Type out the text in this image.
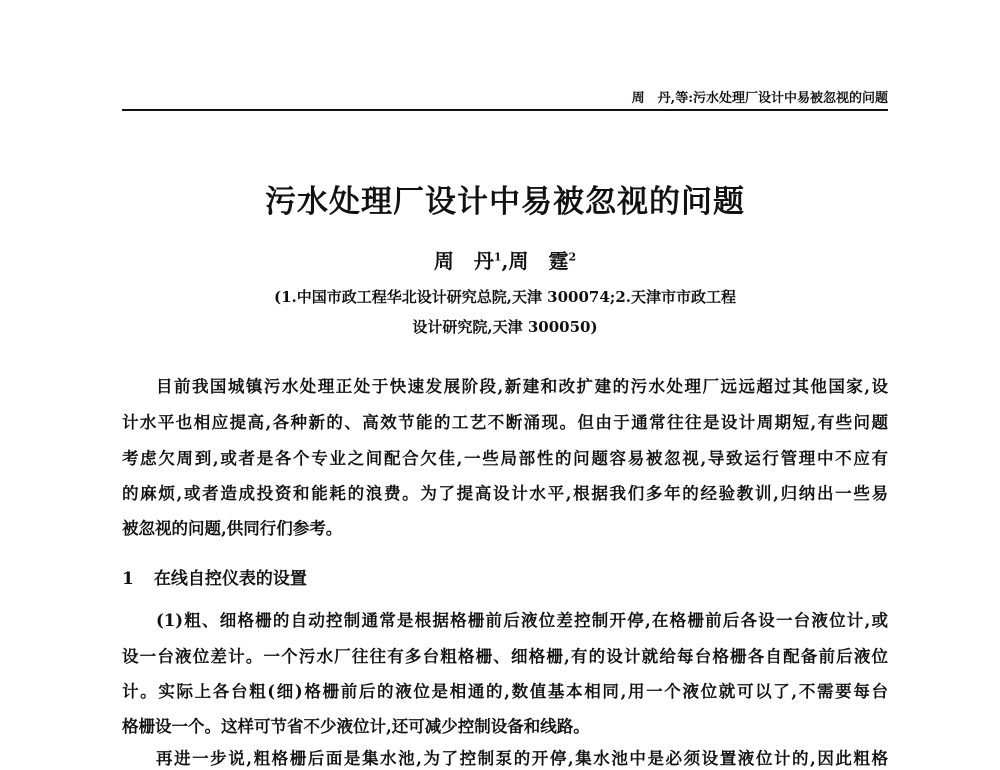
周　丹,等:污水处理厂设计中易被忽视的问题
污水处理厂设计中易被忽视的问题
周　丹$^1$,周　霆$^2$
(1.中国市政工程华北设计研究总院,天津 300074;2.天津市市政工程
设计研究院,天津 300050)
目前我国城镇污水处理正处于快速发展阶段,新建和改扩建的污水处理厂远远超过其他国家,设
计水平也相应提高,各种新的、高效节能的工艺不断涌现。但由于通常往往是设计周期短,有些问题
考虑欠周到,或者是各个专业之间配合欠佳,一些局部性的问题容易被忽视,导致运行管理中不应有
的麻烦,或者造成投资和能耗的浪费。为了提高设计水平,根据我们多年的经验教训,归纳出一些易
被忽视的问题,供同行们参考。
1 在线自控仪表的设置
(1)粗、细格栅的自动控制通常是根据格栅前后液位差控制开停,在格栅前后各设一台液位计,或
设一台液位差计。一个污水厂往往有多台粗格栅、细格栅,有的设计就给每台格栅各自配备前后液位
计。实际上各台粗(细)格栅前后的液位是相通的,数值基本相同,用一个液位就可以了,不需要每台
格栅设一个。这样可节省不少液位计,还可减少控制设备和线路。
再进一步说,粗格栅后面是集水池,为了控制泵的开停,集水池中是必须设置液位计的,因此粗格
